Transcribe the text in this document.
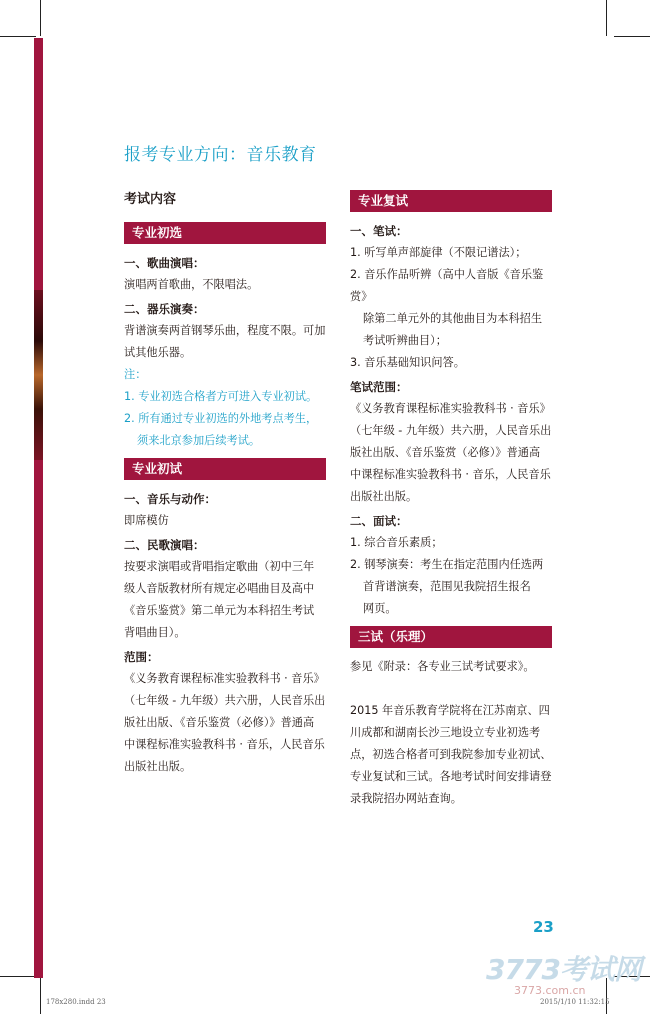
报考专业方向：音乐教育
考试内容
专业初选
一、歌曲演唱：
演唱两首歌曲，不限唱法。
二、器乐演奏：
背谱演奏两首钢琴乐曲，程度不限。可加
试其他乐器。
注：
1. 专业初选合格者方可进入专业初试。
2. 所有通过专业初选的外地考点考生，
须来北京参加后续考试。
专业初试
一、音乐与动作：
即席模仿
二、民歌演唱：
按要求演唱或背唱指定歌曲（初中三年
级人音版教材所有规定必唱曲目及高中
《音乐鉴赏》第二单元为本科招生考试
背唱曲目）。
范围：
《义务教育课程标准实验教科书 · 音乐》
（七年级 - 九年级）共六册，人民音乐出
版社出版、《音乐鉴赏（必修）》普通高
中课程标准实验教科书 · 音乐，人民音乐
出版社出版。
专业复试
一、笔试：
1. 听写单声部旋律（不限记谱法）；
2. 音乐作品听辨（高中人音版《音乐鉴赏》
除第二单元外的其他曲目为本科招生
考试听辨曲目）；
3. 音乐基础知识问答。
笔试范围：
《义务教育课程标准实验教科书 · 音乐》
（七年级 - 九年级）共六册，人民音乐出
版社出版、《音乐鉴赏（必修）》普通高
中课程标准实验教科书 · 音乐，人民音乐
出版社出版。
二、面试：
1. 综合音乐素质；
2. 钢琴演奏：考生在指定范围内任选两
首背谱演奏，范围见我院招生报名
网页。
三试（乐理）
参见《附录：各专业三试考试要求》。
2015 年音乐教育学院将在江苏南京、四
川成都和湖南长沙三地设立专业初选考
点，初选合格者可到我院参加专业初试、
专业复试和三试。各地考试时间安排请登
录我院招办网站查询。
23
3773考试网
3773.com.cn
178x280.indd 23	2015/1/10 11:32:15
